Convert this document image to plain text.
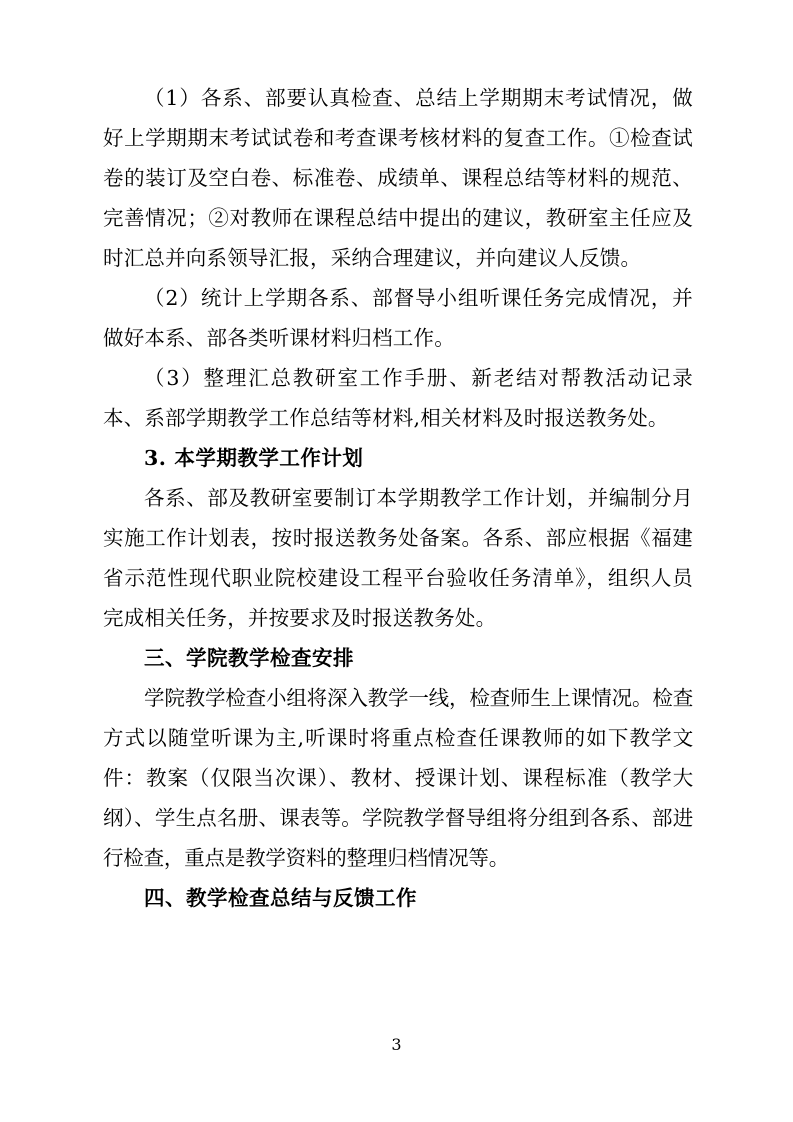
（1）各系、部要认真检查、总结上学期期末考试情况，做好上学期期末考试试卷和考查课考核材料的复查工作。①检查试卷的装订及空白卷、标准卷、成绩单、课程总结等材料的规范、完善情况；②对教师在课程总结中提出的建议，教研室主任应及时汇总并向系领导汇报，采纳合理建议，并向建议人反馈。

（2）统计上学期各系、部督导小组听课任务完成情况，并做好本系、部各类听课材料归档工作。

（3）整理汇总教研室工作手册、新老结对帮教活动记录本、系部学期教学工作总结等材料,相关材料及时报送教务处。

3. 本学期教学工作计划

各系、部及教研室要制订本学期教学工作计划，并编制分月实施工作计划表，按时报送教务处备案。各系、部应根据《福建省示范性现代职业院校建设工程平台验收任务清单》，组织人员完成相关任务，并按要求及时报送教务处。

三、学院教学检查安排

学院教学检查小组将深入教学一线，检查师生上课情况。检查方式以随堂听课为主,听课时将重点检查任课教师的如下教学文件：教案（仅限当次课）、教材、授课计划、课程标准（教学大纲）、学生点名册、课表等。学院教学督导组将分组到各系、部进行检查，重点是教学资料的整理归档情况等。

四、教学检查总结与反馈工作
3
